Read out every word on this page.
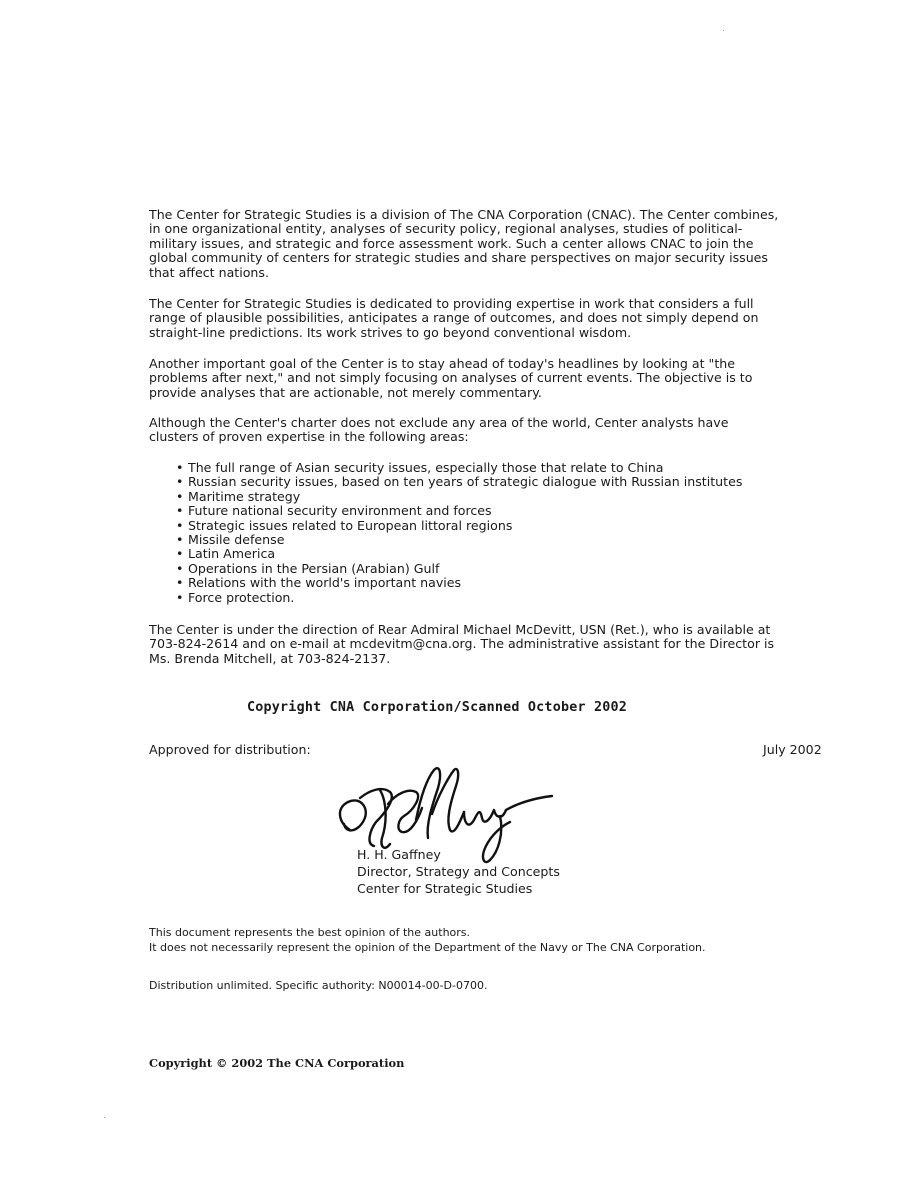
The Center for Strategic Studies is a division of The CNA Corporation (CNAC). The Center combines, in one organizational entity, analyses of security policy, regional analyses, studies of political-military issues, and strategic and force assessment work. Such a center allows CNAC to join the global community of centers for strategic studies and share perspectives on major security issues that affect nations.

The Center for Strategic Studies is dedicated to providing expertise in work that considers a full range of plausible possibilities, anticipates a range of outcomes, and does not simply depend on straight-line predictions. Its work strives to go beyond conventional wisdom.

Another important goal of the Center is to stay ahead of today's headlines by looking at "the problems after next," and not simply focusing on analyses of current events. The objective is to provide analyses that are actionable, not merely commentary.

Although the Center's charter does not exclude any area of the world, Center analysts have clusters of proven expertise in the following areas:

• The full range of Asian security issues, especially those that relate to China
• Russian security issues, based on ten years of strategic dialogue with Russian institutes
• Maritime strategy
• Future national security environment and forces
• Strategic issues related to European littoral regions
• Missile defense
• Latin America
• Operations in the Persian (Arabian) Gulf
• Relations with the world's important navies
• Force protection.

The Center is under the direction of Rear Admiral Michael McDevitt, USN (Ret.), who is available at 703-824-2614 and on e-mail at mcdevitm@cna.org. The administrative assistant for the Director is Ms. Brenda Mitchell, at 703-824-2137.

Copyright CNA Corporation/Scanned October 2002
Approved for distribution:	July 2002
H. H. Gaffney
Director, Strategy and Concepts
Center for Strategic Studies
This document represents the best opinion of the authors.
It does not necessarily represent the opinion of the Department of the Navy or The CNA Corporation.
Distribution unlimited. Specific authority: N00014-00-D-0700.
Copyright © 2002 The CNA Corporation
